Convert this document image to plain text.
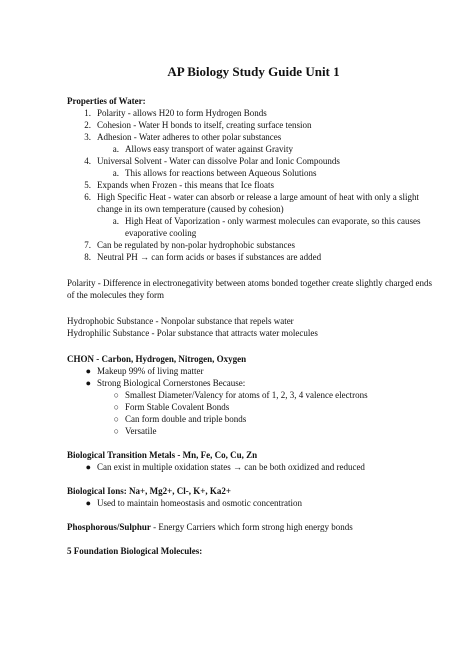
AP Biology Study Guide Unit 1
Properties of Water:
1. Polarity - allows H20 to form Hydrogen Bonds
2. Cohesion - Water H bonds to itself, creating surface tension
3. Adhesion - Water adheres to other polar substances
a. Allows easy transport of water against Gravity
4. Universal Solvent - Water can dissolve Polar and Ionic Compounds
a. This allows for reactions between Aqueous Solutions
5. Expands when Frozen - this means that Ice floats
6. High Specific Heat - water can absorb or release a large amount of heat with only a slight change in its own temperature (caused by cohesion)
a. High Heat of Vaporization - only warmest molecules can evaporate, so this causes evaporative cooling
7. Can be regulated by non-polar hydrophobic substances
8. Neutral PH → can form acids or bases if substances are added

Polarity - Difference in electronegativity between atoms bonded together create slightly charged ends of the molecules they form

Hydrophobic Substance - Nonpolar substance that repels water

Hydrophilic Substance - Polar substance that attracts water molecules

CHON - Carbon, Hydrogen, Nitrogen, Oxygen
● Makeup 99% of living matter
● Strong Biological Cornerstones Because:
○ Smallest Diameter/Valency for atoms of 1, 2, 3, 4 valence electrons
○ Form Stable Covalent Bonds
○ Can form double and triple bonds
○ Versatile
Biological Transition Metals - Mn, Fe, Co, Cu, Zn
● Can exist in multiple oxidation states → can be both oxidized and reduced
Biological Ions: Na+, Mg2+, Cl-, K+, Ka2+
● Used to maintain homeostasis and osmotic concentration

Phosphorous/Sulphur - Energy Carriers which form strong high energy bonds

5 Foundation Biological Molecules:
